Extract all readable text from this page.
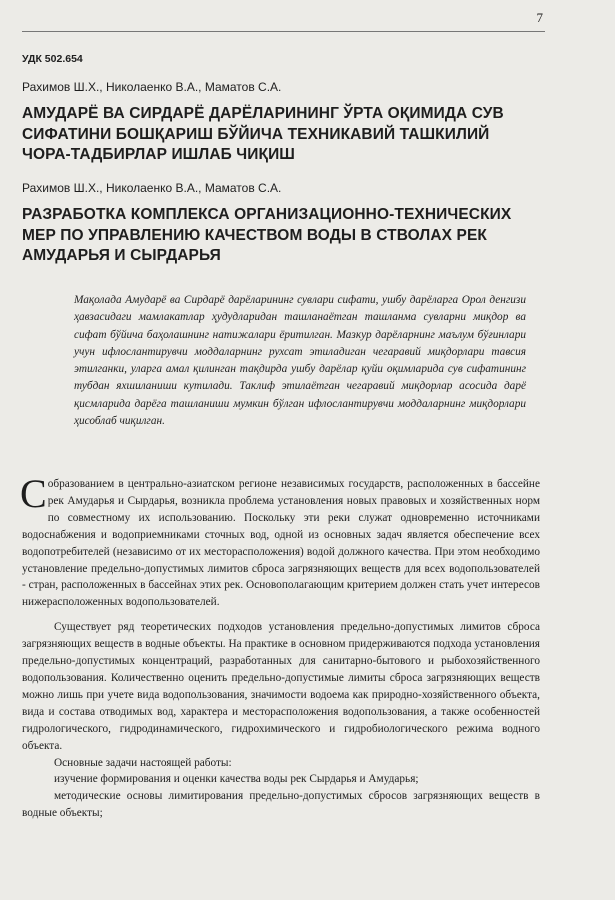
7
УДК 502.654
Рахимов Ш.Х., Николаенко В.А., Маматов С.А.
АМУДАРЁ ВА СИРДАРЁ ДАРЁЛАРИНИНГ ЎРТА ОҚИМИДА СУВ СИФАТИНИ БОШҚАРИШ БЎЙИЧА ТЕХНИКАВИЙ ТАШКИЛИЙ ЧОРА-ТАДБИРЛАР ИШЛАБ ЧИҚИШ
Рахимов Ш.Х., Николаенко В.А., Маматов С.А.
РАЗРАБОТКА КОМПЛЕКСА ОРГАНИЗАЦИОННО-ТЕХНИЧЕСКИХ МЕР ПО УПРАВЛЕНИЮ КАЧЕСТВОМ ВОДЫ В СТВОЛАХ РЕК АМУДАРЬЯ И СЫРДАРЬЯ

Мақолада Амударё ва Сирдарё дарёларининг сувлари сифати, ушбу дарёларга Орол денгизи ҳавзасидаги мамлакатлар ҳудудларидан ташланаётган ташланма сувларни миқдор ва сифат бўйича баҳолашнинг натижалари ёритилган. Мазкур дарёларнинг маълум бўғинлари учун ифлослантирувчи моддаларнинг рухсат этиладиган чегаравий миқдорлари тавсия этилганки, уларга амал қилинган тақдирда ушбу дарёлар қуйи оқимларида сув сифатининг тубдан яхшиланиши кутилади. Таклиф этилаётган чегаравий миқдорлар асосида дарё қисмларида дарёга ташланиши мумкин бўлган ифлослантирувчи моддаларнинг миқдорлари ҳисоблаб чиқилган.

Собразованием в центрально-азиатском регионе независимых государств, расположенных в бассейне рек Амударья и Сырдарья, возникла проблема установления новых правовых и хозяйственных норм по совместному их использованию. Поскольку эти реки служат одновременно источниками водоснабжения и водоприемниками сточных вод, одной из основных задач является обеспечение всех водопотребителей (независимо от их месторасположения) водой должного качества. При этом необходимо установление предельно-допустимых лимитов сброса загрязняющих веществ для всех водопользователей - стран, расположенных в бассейнах этих рек. Основополагающим критерием должен стать учет интересов нижерасположенных водопользователей.

Существует ряд теоретических подходов установления предельно-допустимых лимитов сброса загрязняющих веществ в водные объекты. На практике в основном придерживаются подхода установления предельно-допустимых концентраций, разработанных для санитарно-бытового и рыбохозяйственного водопользования. Количественно оценить предельно-допустимые лимиты сброса загрязняющих веществ можно лишь при учете вида водопользования, значимости водоема как природно-хозяйственного объекта, вида и состава отводимых вод, характера и месторасположения водопользования, а также особенностей гидрологического, гидродинамического, гидрохимического и гидробиологического режима водного объекта.

Основные задачи настоящей работы:

изучение формирования и оценки качества воды рек Сырдарья и Амударья;

методические основы лимитирования предельно-допустимых сбросов загрязняющих веществ в водные объекты;
